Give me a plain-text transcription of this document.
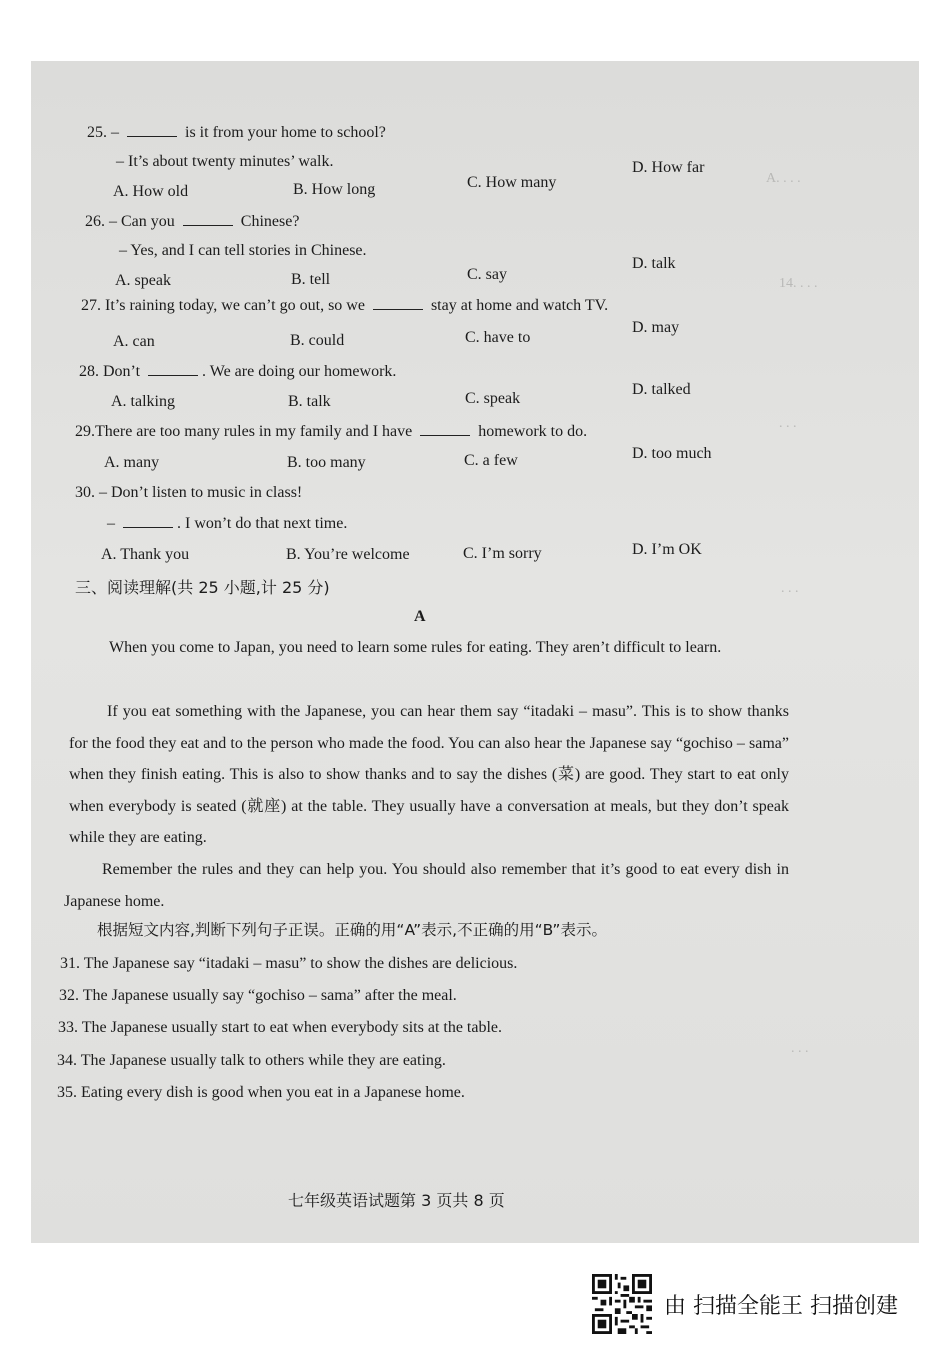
A. . . .
14. . . .
. . .
. . .
. . .
25. –	is it from your home to school?
– It’s about twenty minutes’ walk.
A. How old	B. How long	C. How many
D. How far
26. – Can you	Chinese?
– Yes, and I can tell stories in Chinese.
A. speak	B. tell	C. say
D. talk
27. It’s raining today, we can’t go out, so we	stay at home and watch TV.
A. can	B. could	C. have to
D. may
28. Don’t	. We are doing our homework.
A. talking	B. talk	C. speak
D. talked
29.There are too many rules in my family and I have	homework to do.
A. many	B. too many	C. a few	D. too much
30. – Don’t listen to music in class!
–	. I won’t do that next time.
A. Thank you	B. You’re welcome	C. I’m sorry	D. I’m OK
三、阅读理解(共 25 小题,计 25 分)
A
When you come to Japan, you need to learn some rules for eating. They aren’t difficult to learn.
If you eat something with the Japanese, you can hear them say “itadaki – masu”. This is to show thanks for the food they eat and to the person who made the food. You can also hear the Japanese say “gochiso – sama” when they finish eating. This is also to show thanks and to say the dishes (菜) are good. They start to eat only when everybody is seated (就座) at the table. They usually have a conversation at meals, but they don’t speak while they are eating.
Remember the rules and they can help you. You should also remember that it’s good to eat every dish in Japanese home.
根据短文内容,判断下列句子正误。正确的用“A”表示,不正确的用“B”表示。
31. The Japanese say “itadaki – masu” to show the dishes are delicious.
32. The Japanese usually say “gochiso – sama” after the meal.
33. The Japanese usually start to eat when everybody sits at the table.
34. The Japanese usually talk to others while they are eating.
35. Eating every dish is good when you eat in a Japanese home.
七年级英语试题第 3 页共 8 页
由 扫描全能王 扫描创建
